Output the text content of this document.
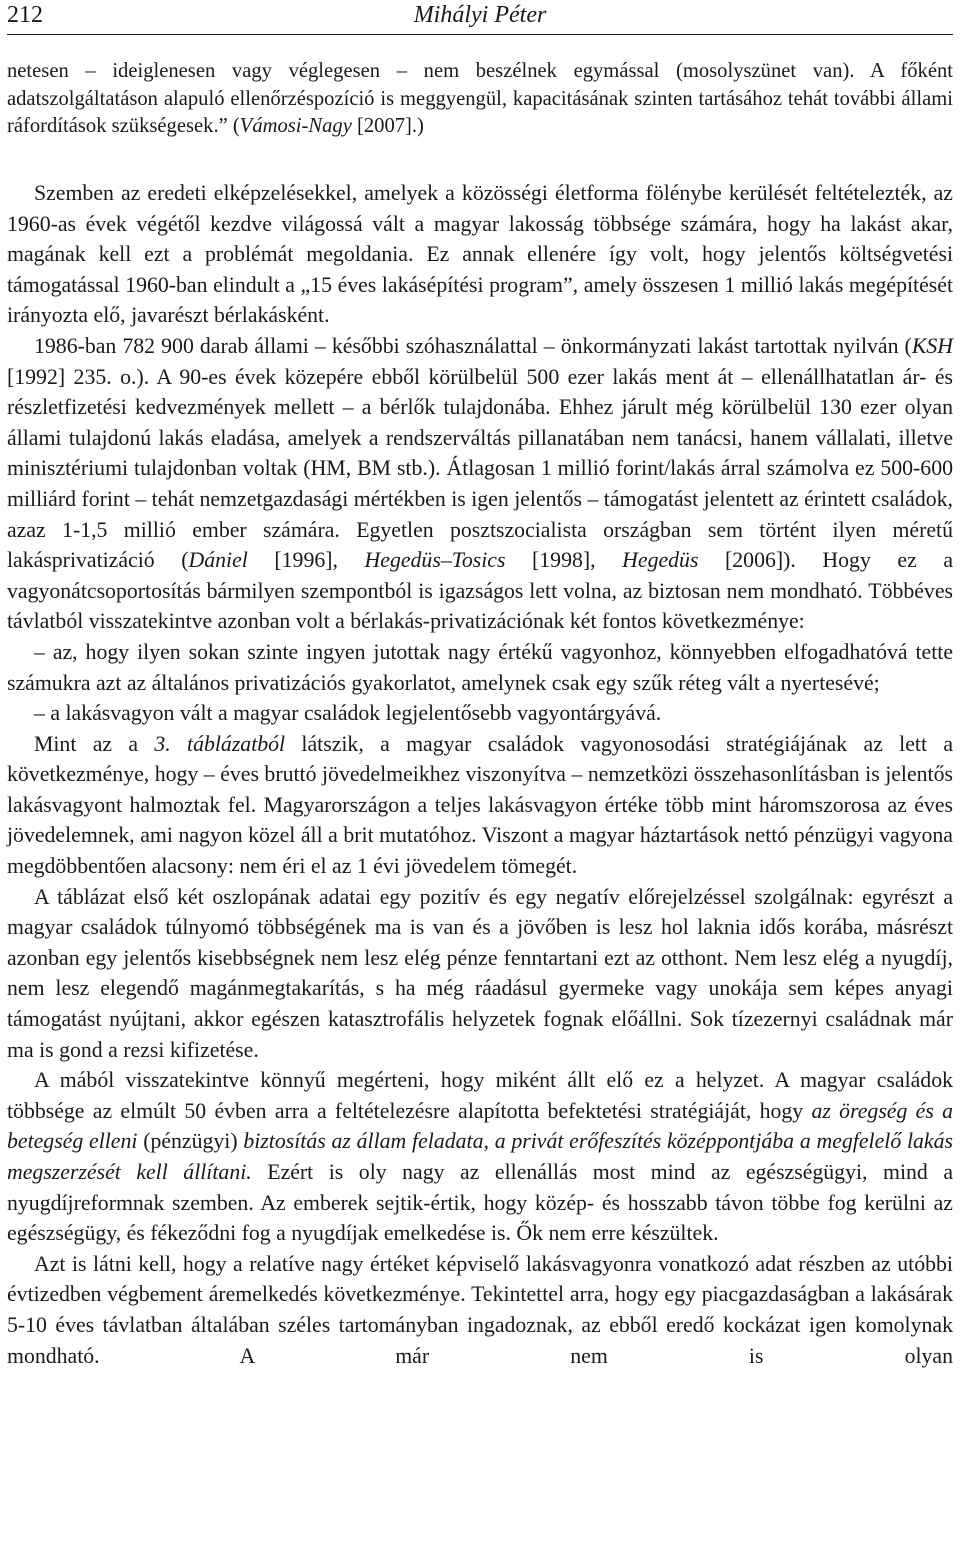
212	Mihályi Péter

netesen – ideiglenesen vagy véglegesen – nem beszélnek egymással (mosolyszünet van). A főként adatszolgáltatáson alapuló ellenőrzéspozíció is meggyengül, kapacitásának szinten tartásához tehát további állami ráfordítások szükségesek.” (Vámosi-Nagy [2007].)

Szemben az eredeti elképzelésekkel, amelyek a közösségi életforma fölénybe kerülését feltételezték, az 1960-as évek végétől kezdve világossá vált a magyar lakosság többsége számára, hogy ha lakást akar, magának kell ezt a problémát megoldania. Ez annak ellenére így volt, hogy jelentős költségvetési támogatással 1960-ban elindult a „15 éves lakásépítési program”, amely összesen 1 millió lakás megépítését irányozta elő, javarészt bérlakásként.

1986-ban 782 900 darab állami – későbbi szóhasználattal – önkormányzati lakást tartottak nyilván (KSH [1992] 235. o.). A 90-es évek közepére ebből körülbelül 500 ezer lakás ment át – ellenállhatatlan ár- és részletfizetési kedvezmények mellett – a bérlők tulajdonába. Ehhez járult még körülbelül 130 ezer olyan állami tulajdonú lakás eladása, amelyek a rendszerváltás pillanatában nem tanácsi, hanem vállalati, illetve minisztériumi tulajdonban voltak (HM, BM stb.). Átlagosan 1 millió forint/lakás árral számolva ez 500-600 milliárd forint – tehát nemzetgazdasági mértékben is igen jelentős – támogatást jelentett az érintett családok, azaz 1-1,5 millió ember számára. Egyetlen posztszocialista országban sem történt ilyen méretű lakásprivatizáció (Dániel [1996], Hegedüs–Tosics [1998], Hegedüs [2006]). Hogy ez a vagyonátcsoportosítás bármilyen szempontból is igazságos lett volna, az biztosan nem mondható. Többéves távlatból visszatekintve azonban volt a bérlakás-privatizációnak két fontos következménye:

– az, hogy ilyen sokan szinte ingyen jutottak nagy értékű vagyonhoz, könnyebben elfogadhatóvá tette számukra azt az általános privatizációs gyakorlatot, amelynek csak egy szűk réteg vált a nyertesévé;

– a lakásvagyon vált a magyar családok legjelentősebb vagyontárgyává.

Mint az a 3. táblázatból látszik, a magyar családok vagyonosodási stratégiájának az lett a következménye, hogy – éves bruttó jövedelmeikhez viszonyítva – nemzetközi összehasonlításban is jelentős lakásvagyont halmoztak fel. Magyarországon a teljes lakásvagyon értéke több mint háromszorosa az éves jövedelemnek, ami nagyon közel áll a brit mutatóhoz. Viszont a magyar háztartások nettó pénzügyi vagyona megdöbbentően alacsony: nem éri el az 1 évi jövedelem tömegét.

A táblázat első két oszlopának adatai egy pozitív és egy negatív előrejelzéssel szolgálnak: egyrészt a magyar családok túlnyomó többségének ma is van és a jövőben is lesz hol laknia idős korába, másrészt azonban egy jelentős kisebbségnek nem lesz elég pénze fenntartani ezt az otthont. Nem lesz elég a nyugdíj, nem lesz elegendő magánmegtakarítás, s ha még ráadásul gyermeke vagy unokája sem képes anyagi támogatást nyújtani, akkor egészen katasztrofális helyzetek fognak előállni. Sok tízezernyi családnak már ma is gond a rezsi kifizetése.

A mából visszatekintve könnyű megérteni, hogy miként állt elő ez a helyzet. A magyar családok többsége az elmúlt 50 évben arra a feltételezésre alapította befektetési stratégiáját, hogy az öregség és a betegség elleni (pénzügyi) biztosítás az állam feladata, a privát erőfeszítés középpontjába a megfelelő lakás megszerzését kell állítani. Ezért is oly nagy az ellenállás most mind az egészségügyi, mind a nyugdíjreformnak szemben. Az emberek sejtik-értik, hogy közép- és hosszabb távon többe fog kerülni az egészségügy, és fékeződni fog a nyugdíjak emelkedése is. Ők nem erre készültek.

Azt is látni kell, hogy a relatíve nagy értéket képviselő lakásvagyonra vonatkozó adat részben az utóbbi évtizedben végbement áremelkedés következménye. Tekintettel arra, hogy egy piacgazdaságban a lakásárak 5-10 éves távlatban általában széles tartományban ingadoznak, az ebből eredő kockázat igen komolynak mondható. A már nem is olyan
